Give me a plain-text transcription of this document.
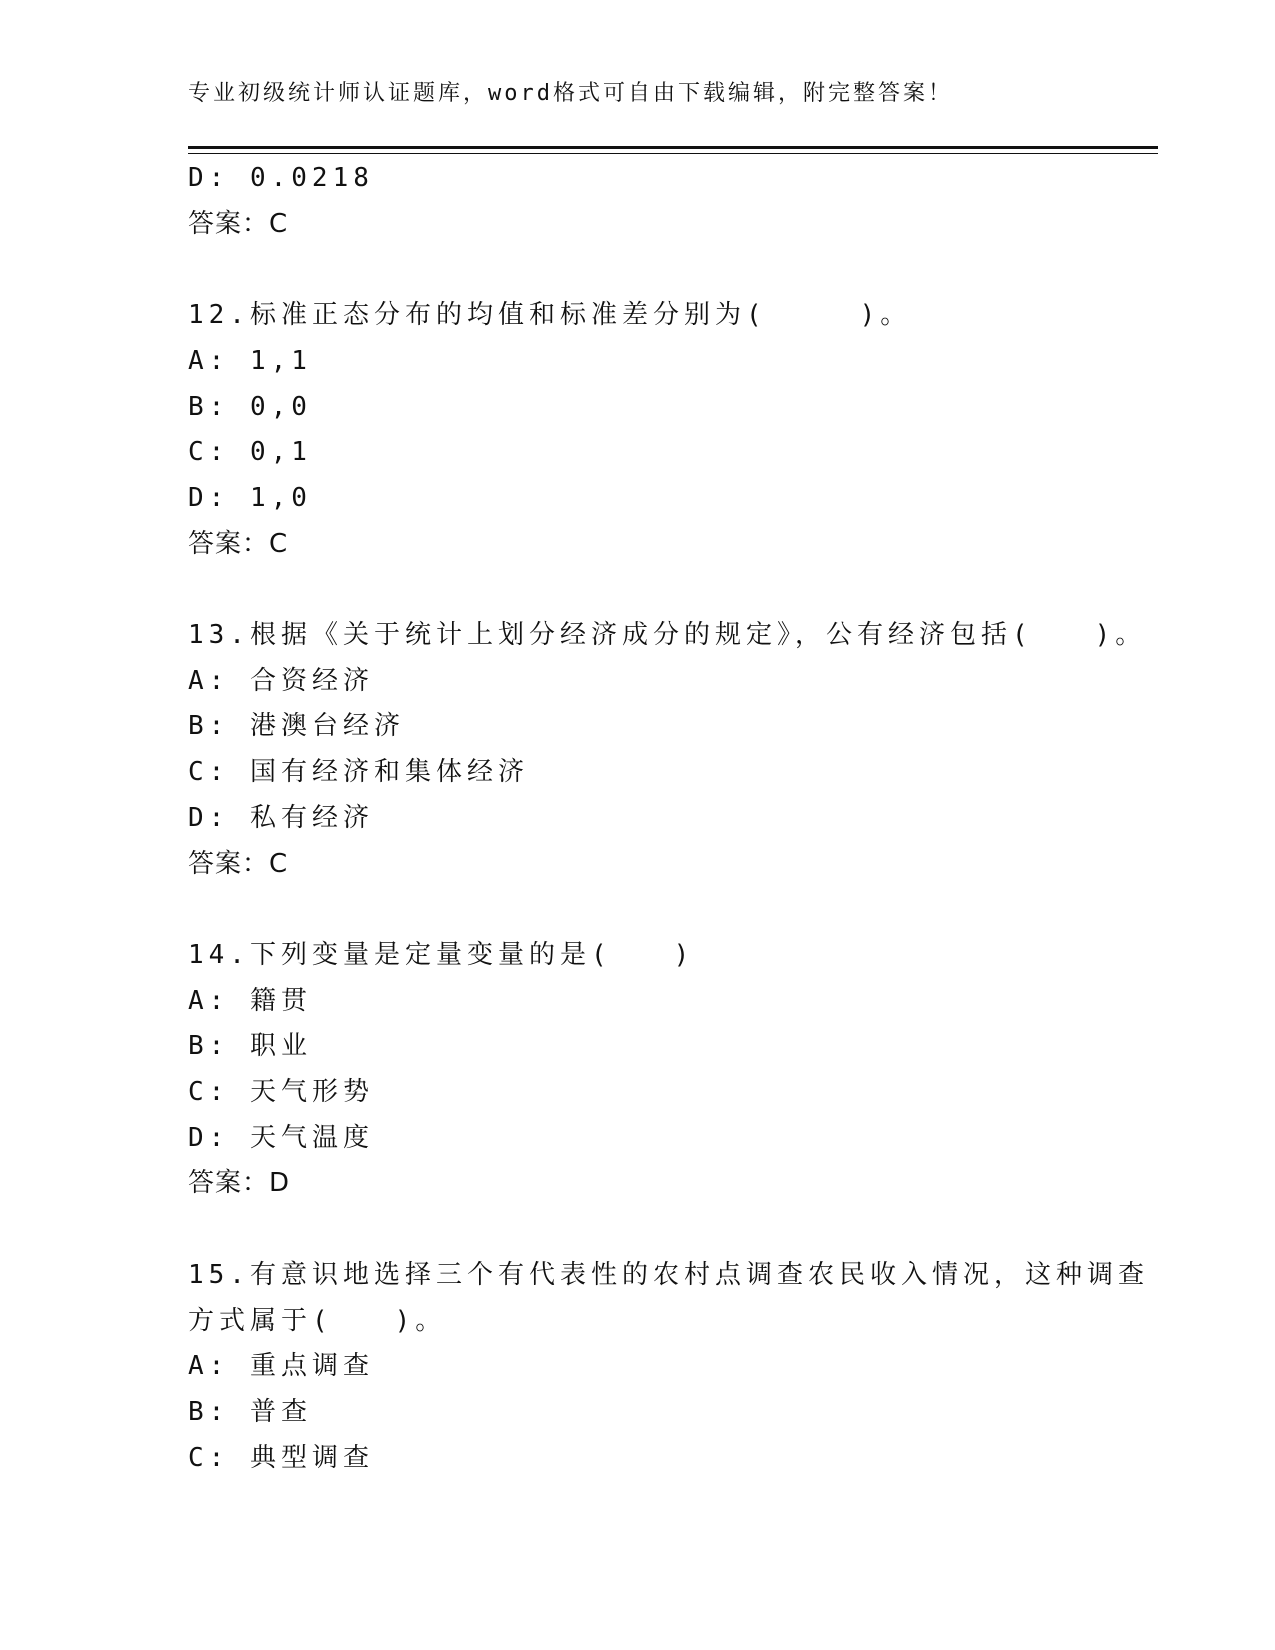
专业初级统计师认证题库，word格式可自由下载编辑，附完整答案！
D: 0.0218
答案：C
12.标准正态分布的均值和标准差分别为(　　　)。
A: 1,1
B: 0,0
C: 0,1
D: 1,0
答案：C
13.根据《关于统计上划分经济成分的规定》，公有经济包括(　　)。
A: 合资经济
B: 港澳台经济
C: 国有经济和集体经济
D: 私有经济
答案：C
14.下列变量是定量变量的是(　　)
A: 籍贯
B: 职业
C: 天气形势
D: 天气温度
答案：D
15.有意识地选择三个有代表性的农村点调查农民收入情况，这种调查
方式属于(　　)。
A: 重点调查
B: 普查
C: 典型调查
